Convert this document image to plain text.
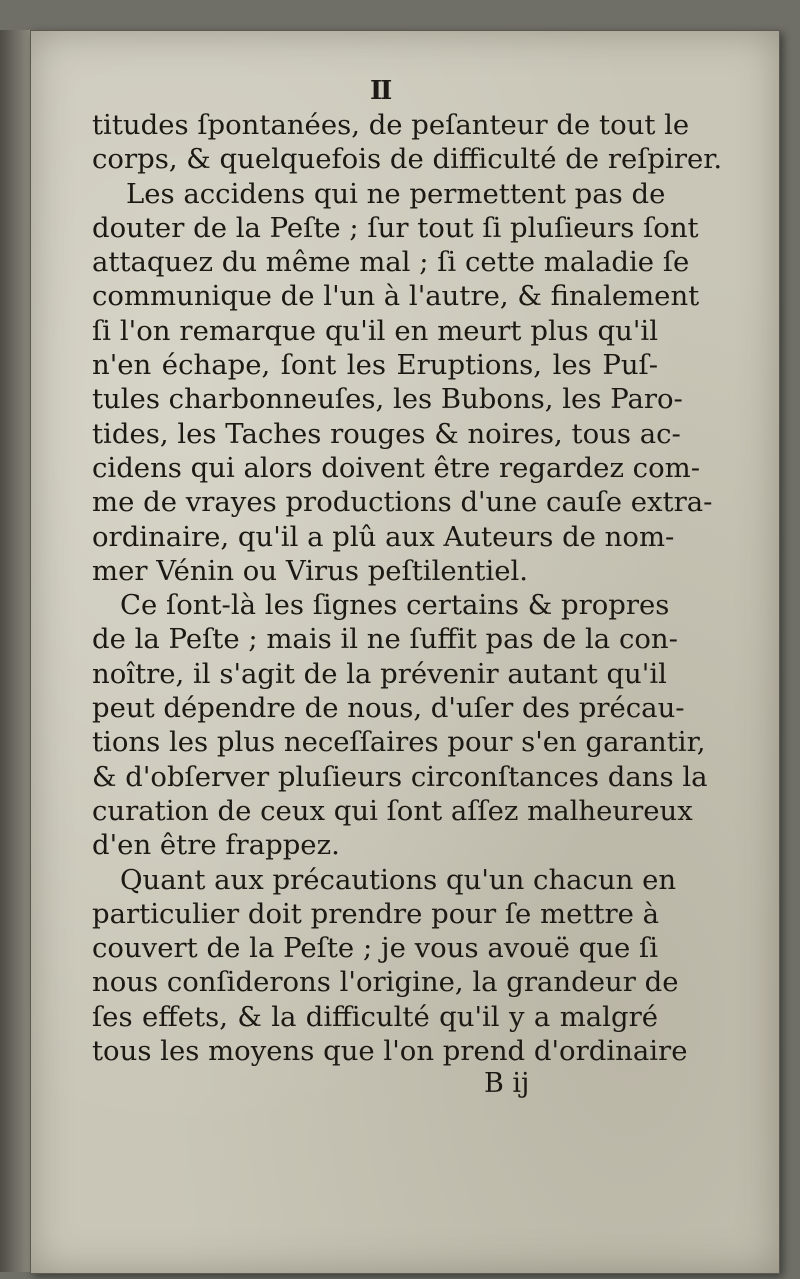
II
titudes ſpontanées, de peſanteur de tout le
corps, & quelquefois de difficulté de reſpirer.
Les accidens qui ne permettent pas de
douter de la Peſte ; ſur tout ſi pluſieurs ſont
attaquez du même mal ; ſi cette maladie ſe
communique de l'un à l'autre, & finalement
ſi l'on remarque qu'il en meurt plus qu'il
n'en échape, ſont les Eruptions, les Puſ-
tules charbonneuſes, les Bubons, les Paro-
tides, les Taches rouges & noires, tous ac-
cidens qui alors doivent être regardez com-
me de vrayes productions d'une cauſe extra-
ordinaire, qu'il a plû aux Auteurs de nom-
mer Vénin ou Virus peſtilentiel.
Ce ſont-là les ſignes certains & propres
de la Peſte ; mais il ne ſuffit pas de la con-
noître, il s'agit de la prévenir autant qu'il
peut dépendre de nous, d'uſer des précau-
tions les plus neceſſaires pour s'en garantir,
& d'obſerver pluſieurs circonſtances dans la
curation de ceux qui ſont aſſez malheureux
d'en être frappez.
Quant aux précautions qu'un chacun en
particulier doit prendre pour ſe mettre à
couvert de la Peſte ; je vous avouë que ſi
nous conſiderons l'origine, la grandeur de
ſes effets, & la difficulté qu'il y a malgré
tous les moyens que l'on prend d'ordinaire
B ij
